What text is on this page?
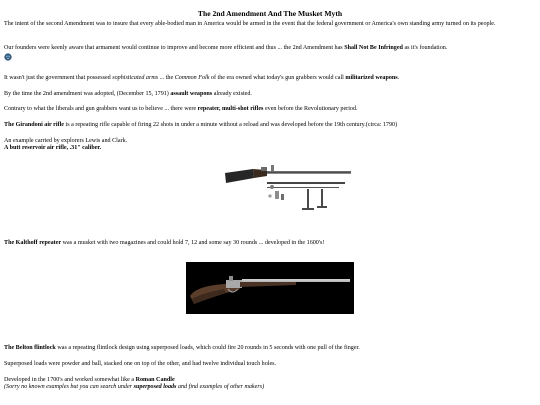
The 2nd Amendment And The Musket Myth
The intent of the second Amendment was to insure that every able-bodied man in America would be armed in the event that the federal government or America's own standing army turned on its people.
Our founders were keenly aware that armament would continue to improve and become more efficient and thus ... the 2nd Amendment has Shall Not Be Infringed as it's foundation.
It wasn't just the government that possessed sophisticated arms ... the Common Folk of the era owned what today's gun grabbers would call militarized weapons.
By the time the 2nd amendment was adopted, (December 15, 1791) assault weapons already existed.
Contrary to what the liberals and gun grabbers want us to believe ... there were repeater, multi-shot rifles even before the Revolutionary period.
The Girandoni air rifle is a repeating rifle capable of firing 22 shots in under a minute without a reload and was developed before the 19th century.(circa: 1790)
An example carried by explorers Lewis and Clark.
A butt reservoir air rifle, .31" caliber.
The Kalthoff repeater was a musket with two magazines and could hold 7, 12 and some say 30 rounds ... developed in the 1600's!
The Belton flintlock was a repeating flintlock design using superposed loads, which could fire 20 rounds in 5 seconds with one pull of the finger.
Superposed loads were powder and ball, stacked one on top of the other, and had twelve individual touch holes.
Developed in the 1700's and worked somewhat like a Roman Candle
(Sorry no known examples but you can search under superposed loads and find examples of other makers)
